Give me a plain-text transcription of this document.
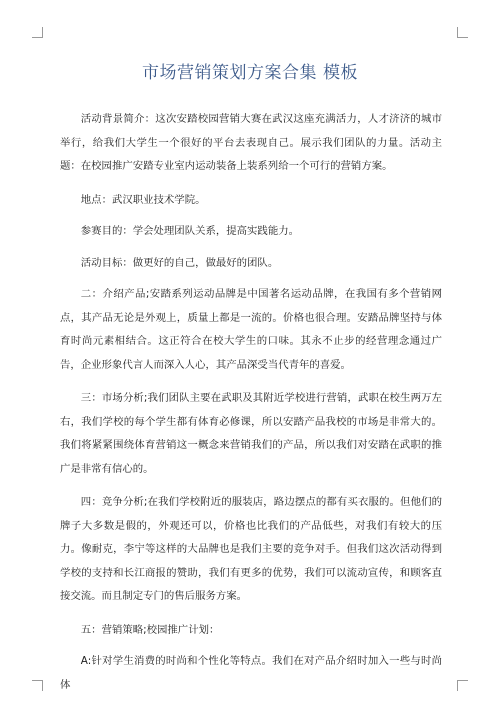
市场营销策划方案合集 模板

活动背景简介：这次安踏校园营销大赛在武汉这座充满活力，人才济济的城市举行，给我们大学生一个很好的平台去表现自己。展示我们团队的力量。活动主题：在校园推广安踏专业室内运动装备上装系列给一个可行的营销方案。

地点：武汉职业技术学院。

参赛目的：学会处理团队关系，提高实践能力。

活动目标：做更好的自己，做最好的团队。

二：介绍产品;安踏系列运动品牌是中国著名运动品牌，在我国有多个营销网点，其产品无论是外观上，质量上都是一流的。价格也很合理。安踏品牌坚持与体育时尚元素相结合。这正符合在校大学生的口味。其永不止步的经营理念通过广告，企业形象代言人而深入人心，其产品深受当代青年的喜爱。

三：市场分析;我们团队主要在武职及其附近学校进行营销，武职在校生两万左右，我们学校的每个学生都有体育必修课，所以安踏产品我校的市场是非常大的。我们将紧紧围绕体育营销这一概念来营销我们的产品，所以我们对安踏在武职的推广是非常有信心的。

四：竞争分析;在我们学校附近的服装店，路边摆点的都有买衣服的。但他们的牌子大多数是假的，外观还可以，价格也比我们的产品低些，对我们有较大的压力。像耐克，李宁等这样的大品牌也是我们主要的竞争对手。但我们这次活动得到学校的支持和长江商报的赞助，我们有更多的优势，我们可以流动宣传，和顾客直接交流。而且制定专门的售后服务方案。

五：营销策略;校园推广计划：

A:针对学生消费的时尚和个性化等特点。我们在对产品介绍时加入一些与时尚体
